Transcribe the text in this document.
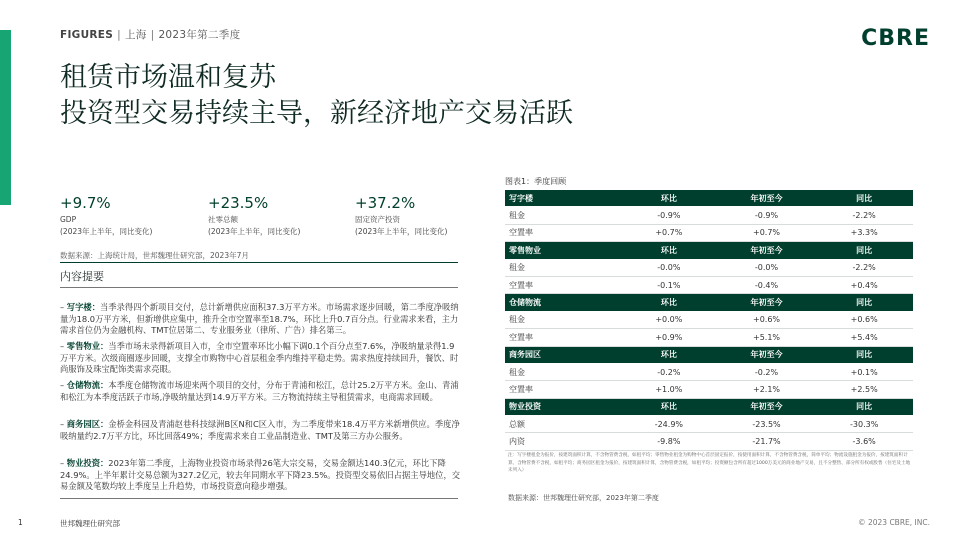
FIGURES | 上海 | 2023年第二季度	CBRE
租赁市场温和复苏
投资型交易持续主导，新经济地产交易活跃
+9.7%
GDP
(2023年上半年，同比变化)
+23.5%
社零总额
(2023年上半年，同比变化)
+37.2%
固定资产投资
(2023年上半年，同比变化)
数据来源：上海统计局，世邦魏理仕研究部，2023年7月
内容提要
– 写字楼：当季录得四个新项目交付，总计新增供应面积37.3万平方米。市场需求逐步回暖，第二季度净吸纳量为18.0万平方米，但新增供应集中，推升全市空置率至18.7%，环比上升0.7百分点。行业需求来看，主力需求首位仍为金融机构、TMT位居第二、专业服务业（律所、广告）排名第三。
– 零售物业：当季市场未录得新项目入市，全市空置率环比小幅下调0.1个百分点至7.6%，净吸纳量录得1.9万平方米。次级商圈逐步回暖，支撑全市购物中心首层租金季内维持平稳走势。需求热度持续回升，餐饮、时尚服饰及珠宝配饰类需求亮眼。
– 仓储物流：本季度仓储物流市场迎来两个项目的交付，分布于青浦和松江，总计25.2万平方米。金山、青浦和松江为本季度活跃子市场,净吸纳量达到14.9万平方米。三方物流持续主导租赁需求，电商需求回暖。
– 商务园区：金桥金科园及青浦赵巷科技绿洲B区N和C区入市，为二季度带来18.4万平方米新增供应。季度净吸纳量约2.7万平方比，环比回落49%；季度需求来自工业品制造业、TMT及第三方办公服务。
– 物业投资：2023年第二季度，上海物业投资市场录得26笔大宗交易，交易金额达140.3亿元，环比下降24.9%。上半年累计交易总额为327.2亿元，较去年同期水平下降23.5%。投资型交易依旧占据主导地位，交易金额及笔数均较上季度呈上升趋势，市场投资意向稳步增强。
图表1：季度回顾
写字楼	环比	年初至今	同比
租金	-0.9%	-0.9%	-2.2%
空置率	+0.7%	+0.7%	+3.3%
零售物业	环比	年初至今	同比
租金	-0.0%	-0.0%	-2.2%
空置率	-0.1%	-0.4%	+0.4%
仓储物流	环比	年初至今	同比
租金	+0.0%	+0.6%	+0.6%
空置率	+0.9%	+5.1%	+5.4%
商务园区	环比	年初至今	同比
租金	-0.2%	-0.2%	+0.1%
空置率	+1.0%	+2.1%	+2.5%
物业投资	环比	年初至今	同比
总额	-24.9%	-23.5%	-30.3%
内资	-9.8%	-21.7%	-3.6%
注：写字楼租金为报价，按建筑面积计算，不含物管费含税，如租平均；零售物业租金为购物中心首层固定报价，按使用面积计算，不含物管费含税，简单平均；物流设施租金为报价，按建筑面积计算，含物管费不含税，如租平均；商务园区租金为报价，按建筑面积计算，含物管费含税，如租平均；投资额包含所有超过1000万美元的商业地产交易，且不分整售、部分所有权或股售（住宅及土地未列入）
数据来源：世邦魏理仕研究部，2023年第二季度
1	世邦魏理仕研究部	© 2023 CBRE, INC.
